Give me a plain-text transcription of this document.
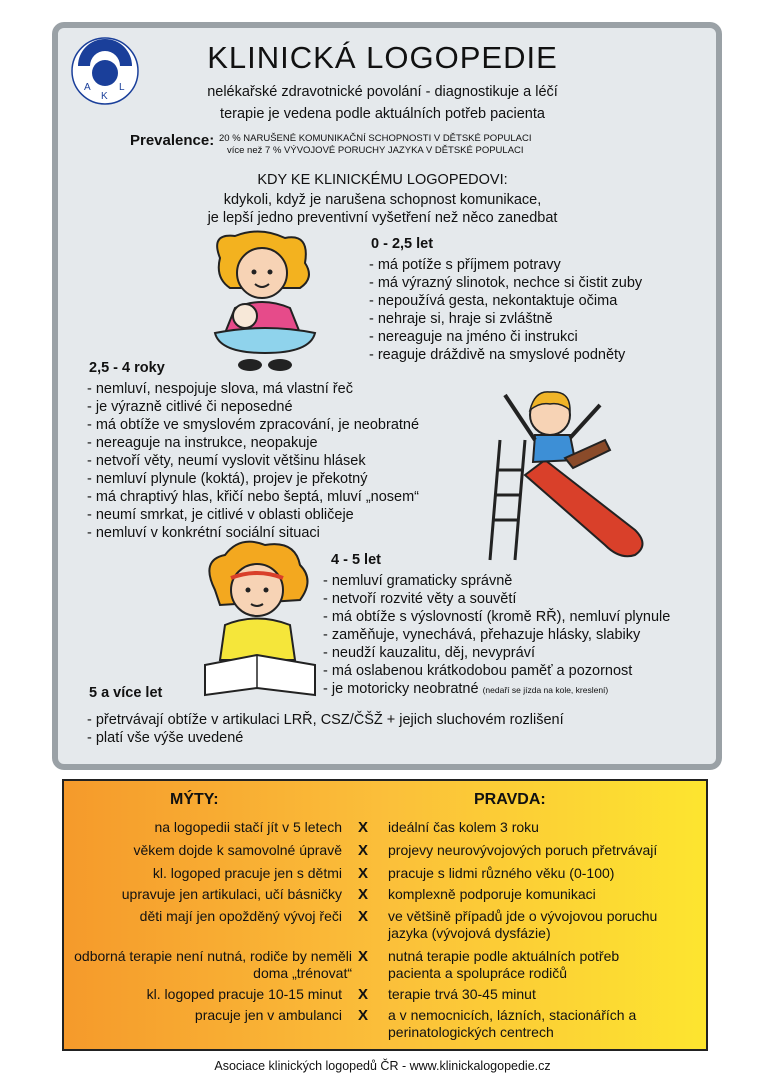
A
K
L
KLINICKÁ LOGOPEDIE
nelékařské zdravotnické povolání - diagnostikuje a léčí
terapie je vedena podle aktuálních potřeb pacienta
Prevalence: 20 % NARUŠENÉ KOMUNIKAČNÍ SCHOPNOSTI V DĚTSKÉ POPULACI
více než 7 % VÝVOJOVÉ PORUCHY JAZYKA V DĚTSKÉ POPULACI
KDY KE KLINICKÉMU LOGOPEDOVI:
kdykoli, když je narušena schopnost komunikace,
je lepší jedno preventivní vyšetření než něco zanedbat
0 - 2,5 let
- má potíže s příjmem potravy
- má výrazný slinotok, nechce si čistit zuby
- nepoužívá gesta, nekontaktuje očima
- nehraje si, hraje si zvláštně
- nereaguje na jméno či instrukci
- reaguje dráždivě na smyslové podněty
2,5 - 4 roky
- nemluví, nespojuje slova, má vlastní řeč
- je výrazně citlivé či neposedné
- má obtíže ve smyslovém zpracování, je neobratné
- nereaguje na instrukce, neopakuje
- netvoří věty, neumí vyslovit většinu hlásek
- nemluví plynule (koktá), projev je překotný
- má chraptivý hlas, křičí nebo šeptá, mluví „nosem“
- neumí smrkat, je citlivé v oblasti obličeje
- nemluví v konkrétní sociální situaci
4 - 5 let
- nemluví gramaticky správně
- netvoří rozvité věty a souvětí
- má obtíže s výslovností (kromě RŘ), nemluví plynule
- zaměňuje, vynechává, přehazuje hlásky, slabiky
- neudží kauzalitu, děj, nevypráví
- má oslabenou krátkodobou paměť a pozornost
- je motoricky neobratné (nedaří se jízda na kole, kreslení)
5 a více let
- přetrvávají obtíže v artikulaci LRŘ, CSZ/ČŠŽ + jejich sluchovém rozlišení
- platí vše výše uvedené
MÝTY:	PRAVDA:
na logopedii stačí jít v 5 letech X ideální čas kolem 3 roku
věkem dojde k samovolné úpravě X projevy neurovývojových poruch přetrvávají
kl. logoped pracuje jen s dětmi X pracuje s lidmi různého věku (0-100)
upravuje jen artikulaci, učí básničky X komplexně podporuje komunikaci
děti mají jen opožděný vývoj řeči X ve většině případů jde o vývojovou poruchu jazyka (vývojová dysfázie)
odborná terapie není nutná, rodiče by neměli doma „trénovat“
X nutná terapie podle aktuálních potřeb pacienta a spolupráce rodičů
kl. logoped pracuje 10-15 minut X terapie trvá 30-45 minut
pracuje jen v ambulanci X a v nemocnicích, lázních, stacionářích a perinatologických centrech
Asociace klinických logopedů ČR - www.klinickalogopedie.cz
